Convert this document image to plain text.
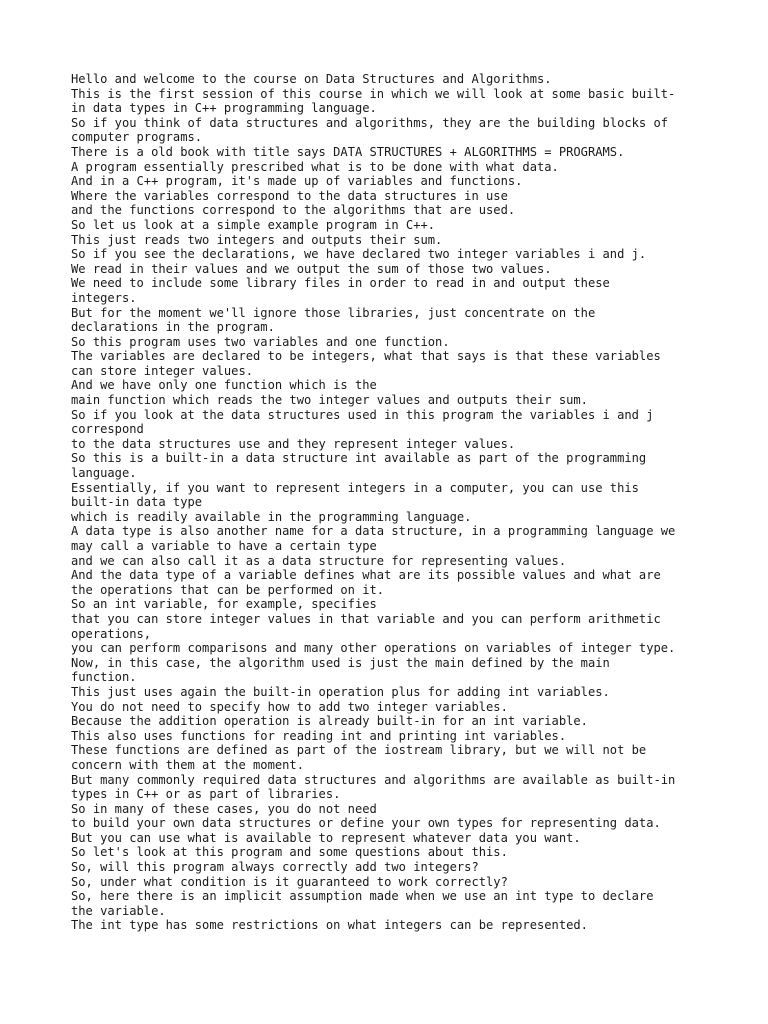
Hello and welcome to the course on Data Structures and Algorithms.
This is the first session of this course in which we will look at some basic built-
in data types in C++ programming language.
So if you think of data structures and algorithms, they are the building blocks of
computer programs.
There is a old book with title says DATA STRUCTURES + ALGORITHMS = PROGRAMS.
A program essentially prescribed what is to be done with what data.
And in a C++ program, it's made up of variables and functions.
Where the variables correspond to the data structures in use
and the functions correspond to the algorithms that are used.
So let us look at a simple example program in C++.
This just reads two integers and outputs their sum.
So if you see the declarations, we have declared two integer variables i and j.
We read in their values and we output the sum of those two values.
We need to include some library files in order to read in and output these
integers.
But for the moment we'll ignore those libraries, just concentrate on the
declarations in the program.
So this program uses two variables and one function.
The variables are declared to be integers, what that says is that these variables
can store integer values.
And we have only one function which is the
main function which reads the two integer values and outputs their sum.
So if you look at the data structures used in this program the variables i and j
correspond
to the data structures use and they represent integer values.
So this is a built-in a data structure int available as part of the programming
language.
Essentially, if you want to represent integers in a computer, you can use this
built-in data type
which is readily available in the programming language.
A data type is also another name for a data structure, in a programming language we
may call a variable to have a certain type
and we can also call it as a data structure for representing values.
And the data type of a variable defines what are its possible values and what are
the operations that can be performed on it.
So an int variable, for example, specifies
that you can store integer values in that variable and you can perform arithmetic
operations,
you can perform comparisons and many other operations on variables of integer type.
Now, in this case, the algorithm used is just the main defined by the main
function.
This just uses again the built-in operation plus for adding int variables.
You do not need to specify how to add two integer variables.
Because the addition operation is already built-in for an int variable.
This also uses functions for reading int and printing int variables.
These functions are defined as part of the iostream library, but we will not be
concern with them at the moment.
But many commonly required data structures and algorithms are available as built-in
types in C++ or as part of libraries.
So in many of these cases, you do not need
to build your own data structures or define your own types for representing data.
But you can use what is available to represent whatever data you want.
So let's look at this program and some questions about this.
So, will this program always correctly add two integers?
So, under what condition is it guaranteed to work correctly?
So, here there is an implicit assumption made when we use an int type to declare
the variable.
The int type has some restrictions on what integers can be represented.
